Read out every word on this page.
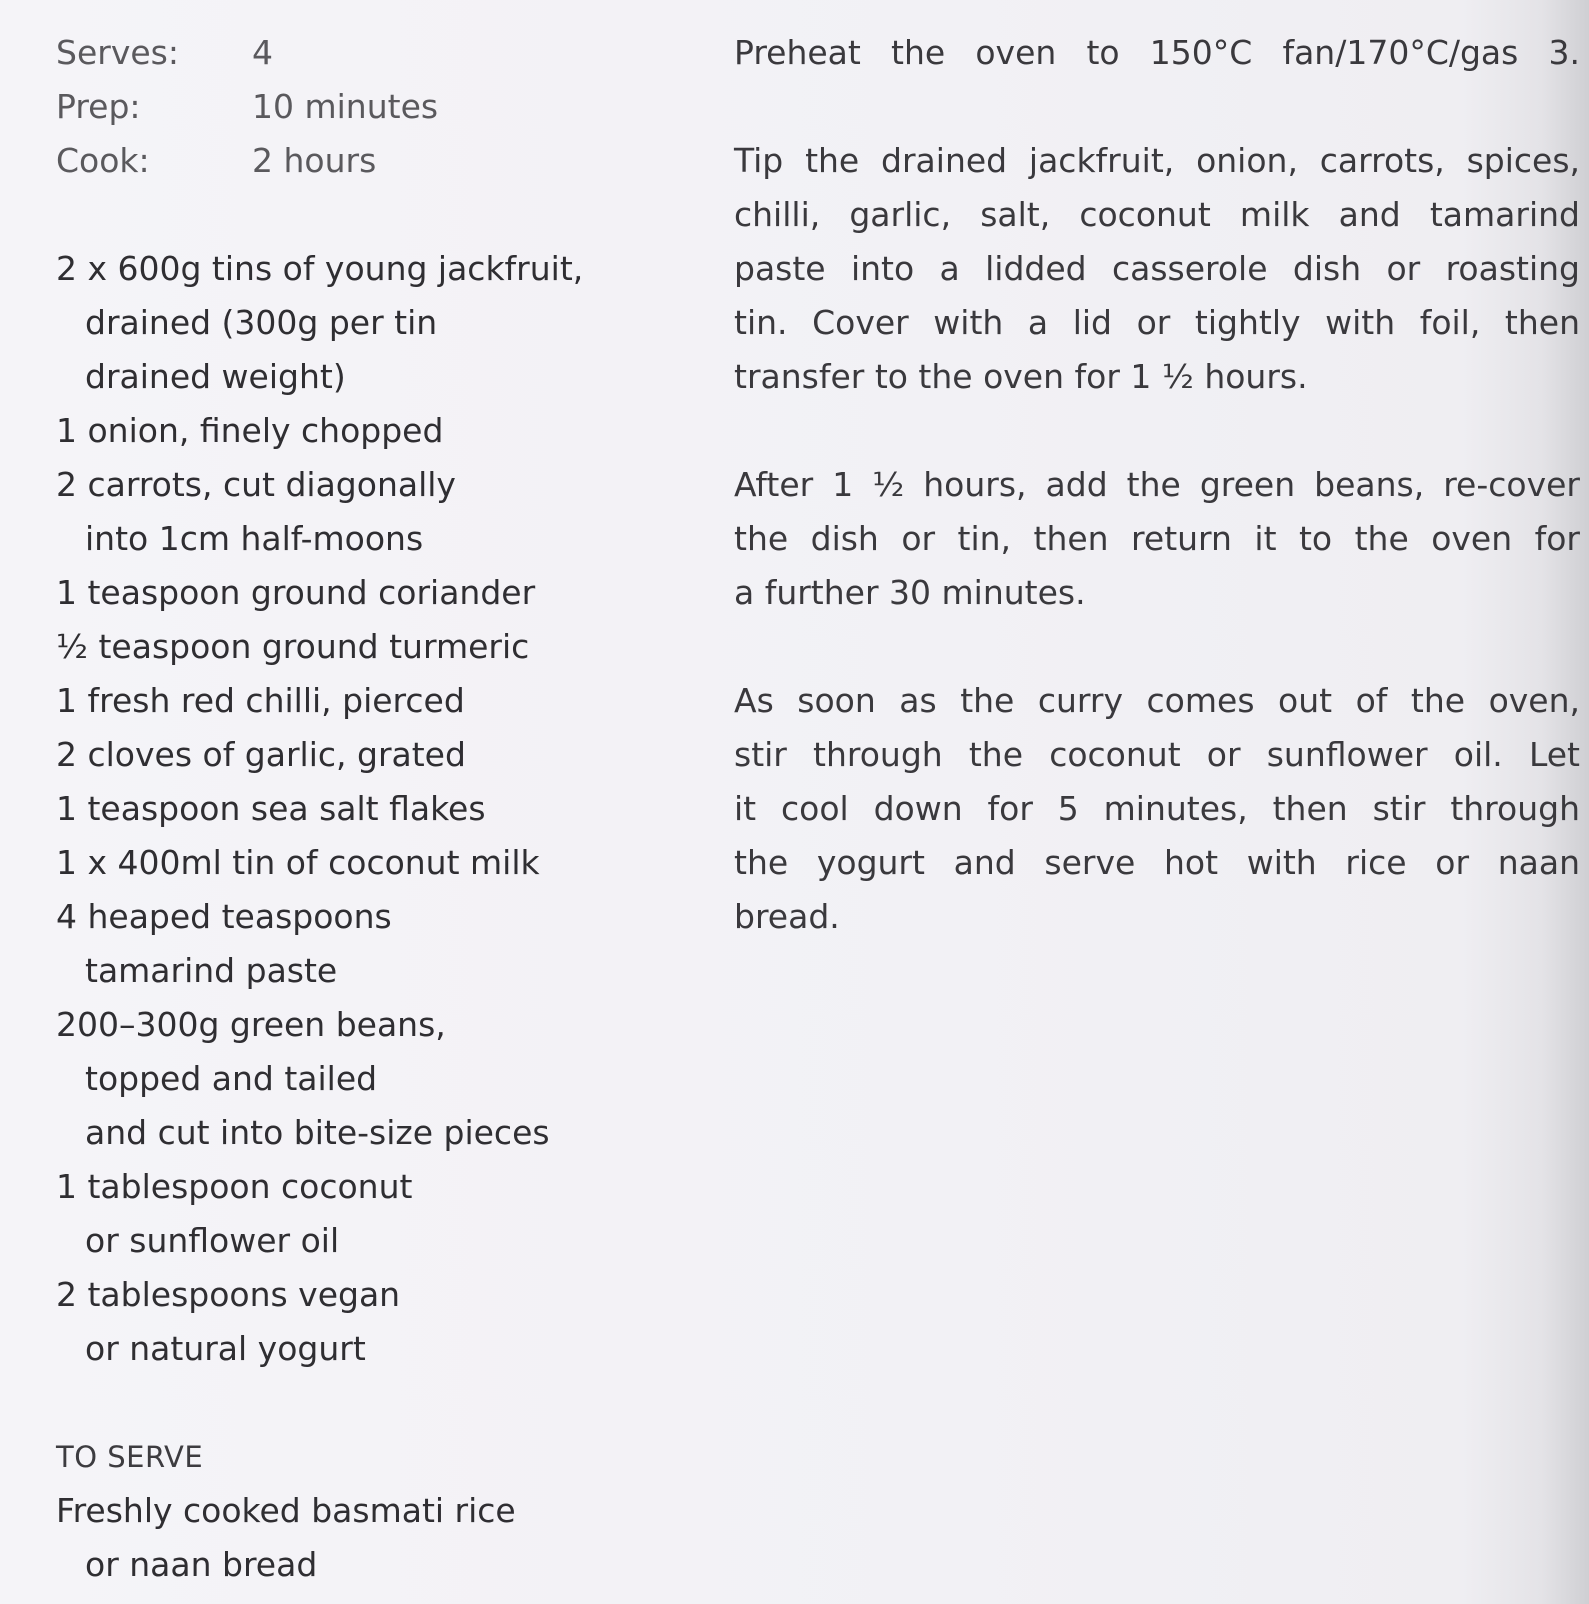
Serves:	4
Prep:	10 minutes
Cook:	2 hours
2 x 600g tins of young jackfruit,
drained (300g per tin
drained weight)
1 onion, finely chopped
2 carrots, cut diagonally
into 1cm half-moons
1 teaspoon ground coriander
½ teaspoon ground turmeric
1 fresh red chilli, pierced
2 cloves of garlic, grated
1 teaspoon sea salt flakes
1 x 400ml tin of coconut milk
4 heaped teaspoons
tamarind paste
200–300g green beans,
topped and tailed
and cut into bite-size pieces
1 tablespoon coconut
or sunflower oil
2 tablespoons vegan
or natural yogurt
TO SERVE
Freshly cooked basmati rice
or naan bread

Preheat the oven to 150°C fan/170°C/gas 3.

Tip the drained jackfruit, onion, carrots, spices,
chilli, garlic, salt, coconut milk and tamarind
paste into a lidded casserole dish or roasting
tin. Cover with a lid or tightly with foil, then
transfer to the oven for 1 ½ hours.

After 1 ½ hours, add the green beans, re-cover
the dish or tin, then return it to the oven for
a further 30 minutes.

As soon as the curry comes out of the oven,
stir through the coconut or sunflower oil. Let
it cool down for 5 minutes, then stir through
the yogurt and serve hot with rice or naan
bread.
